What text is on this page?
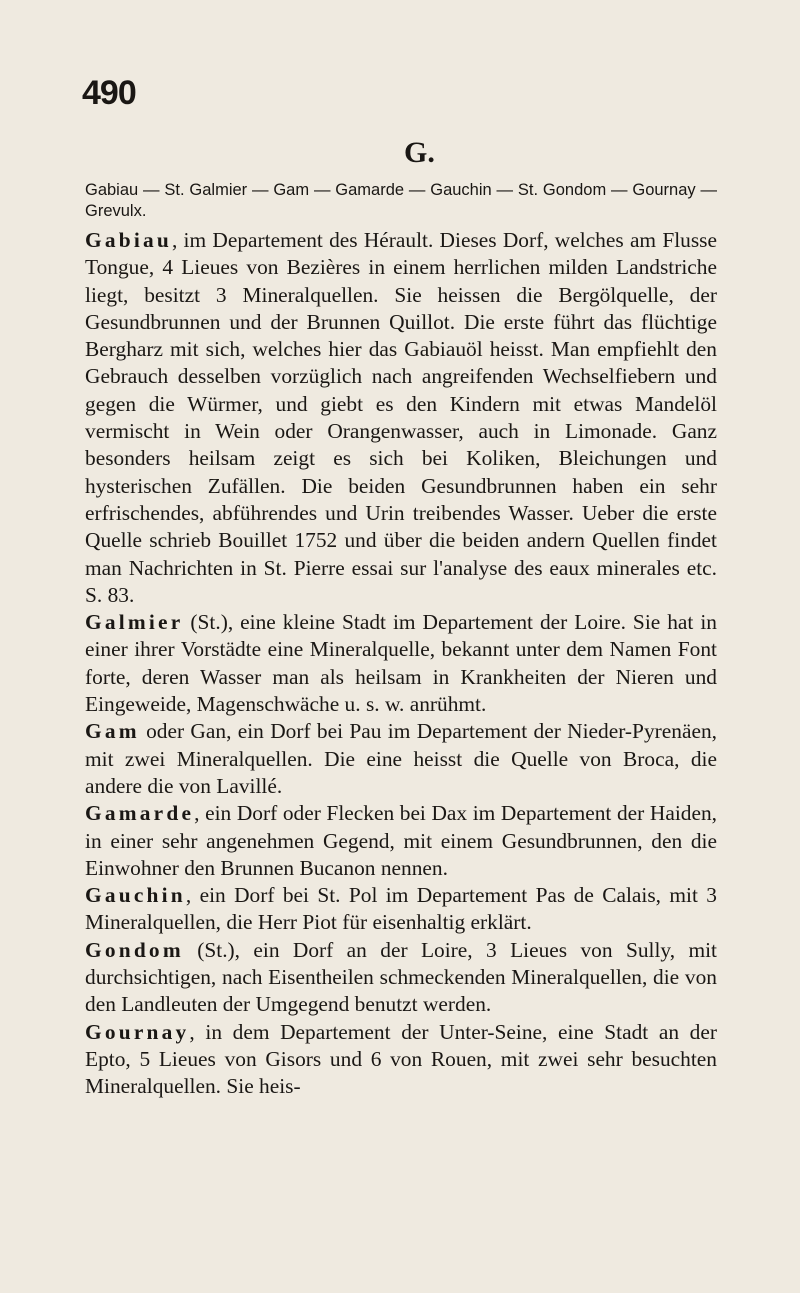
490
G.
Gabiau — St. Galmier — Gam — Gamarde — Gauchin — St. Gondom — Gournay — Grevulx.

Gabiau, im Departement des Hérault. Dieses Dorf, welches am Flusse Tongue, 4 Lieues von Bezières in einem herrlichen milden Landstriche liegt, besitzt 3 Mineralquellen. Sie heissen die Bergölquelle, der Gesundbrunnen und der Brunnen Quillot. Die erste führt das flüchtige Bergharz mit sich, welches hier das Gabiauöl heisst. Man empfiehlt den Gebrauch desselben vorzüglich nach angreifenden Wechselfiebern und gegen die Würmer, und giebt es den Kindern mit etwas Mandelöl vermischt in Wein oder Orangenwasser, auch in Limonade. Ganz besonders heilsam zeigt es sich bei Koliken, Bleichungen und hysterischen Zufällen. Die beiden Gesundbrunnen haben ein sehr erfrischendes, abführendes und Urin treibendes Wasser. Ueber die erste Quelle schrieb Bouillet 1752 und über die beiden andern Quellen findet man Nachrichten in St. Pierre essai sur l'analyse des eaux minerales etc. S. 83.

Galmier (St.), eine kleine Stadt im Departement der Loire. Sie hat in einer ihrer Vorstädte eine Mineralquelle, bekannt unter dem Namen Font forte, deren Wasser man als heilsam in Krankheiten der Nieren und Eingeweide, Magenschwäche u. s. w. anrühmt.

Gam oder Gan, ein Dorf bei Pau im Departement der Nieder-Pyrenäen, mit zwei Mineralquellen. Die eine heisst die Quelle von Broca, die andere die von Lavillé.

Gamarde, ein Dorf oder Flecken bei Dax im Departement der Haiden, in einer sehr angenehmen Gegend, mit einem Gesundbrunnen, den die Einwohner den Brunnen Bucanon nennen.

Gauchin, ein Dorf bei St. Pol im Departement Pas de Calais, mit 3 Mineralquellen, die Herr Piot für eisenhaltig erklärt.

Gondom (St.), ein Dorf an der Loire, 3 Lieues von Sully, mit durchsichtigen, nach Eisentheilen schmeckenden Mineralquellen, die von den Landleuten der Umgegend benutzt werden.

Gournay, in dem Departement der Unter-Seine, eine Stadt an der Epto, 5 Lieues von Gisors und 6 von Rouen, mit zwei sehr besuchten Mineralquellen. Sie heis-
